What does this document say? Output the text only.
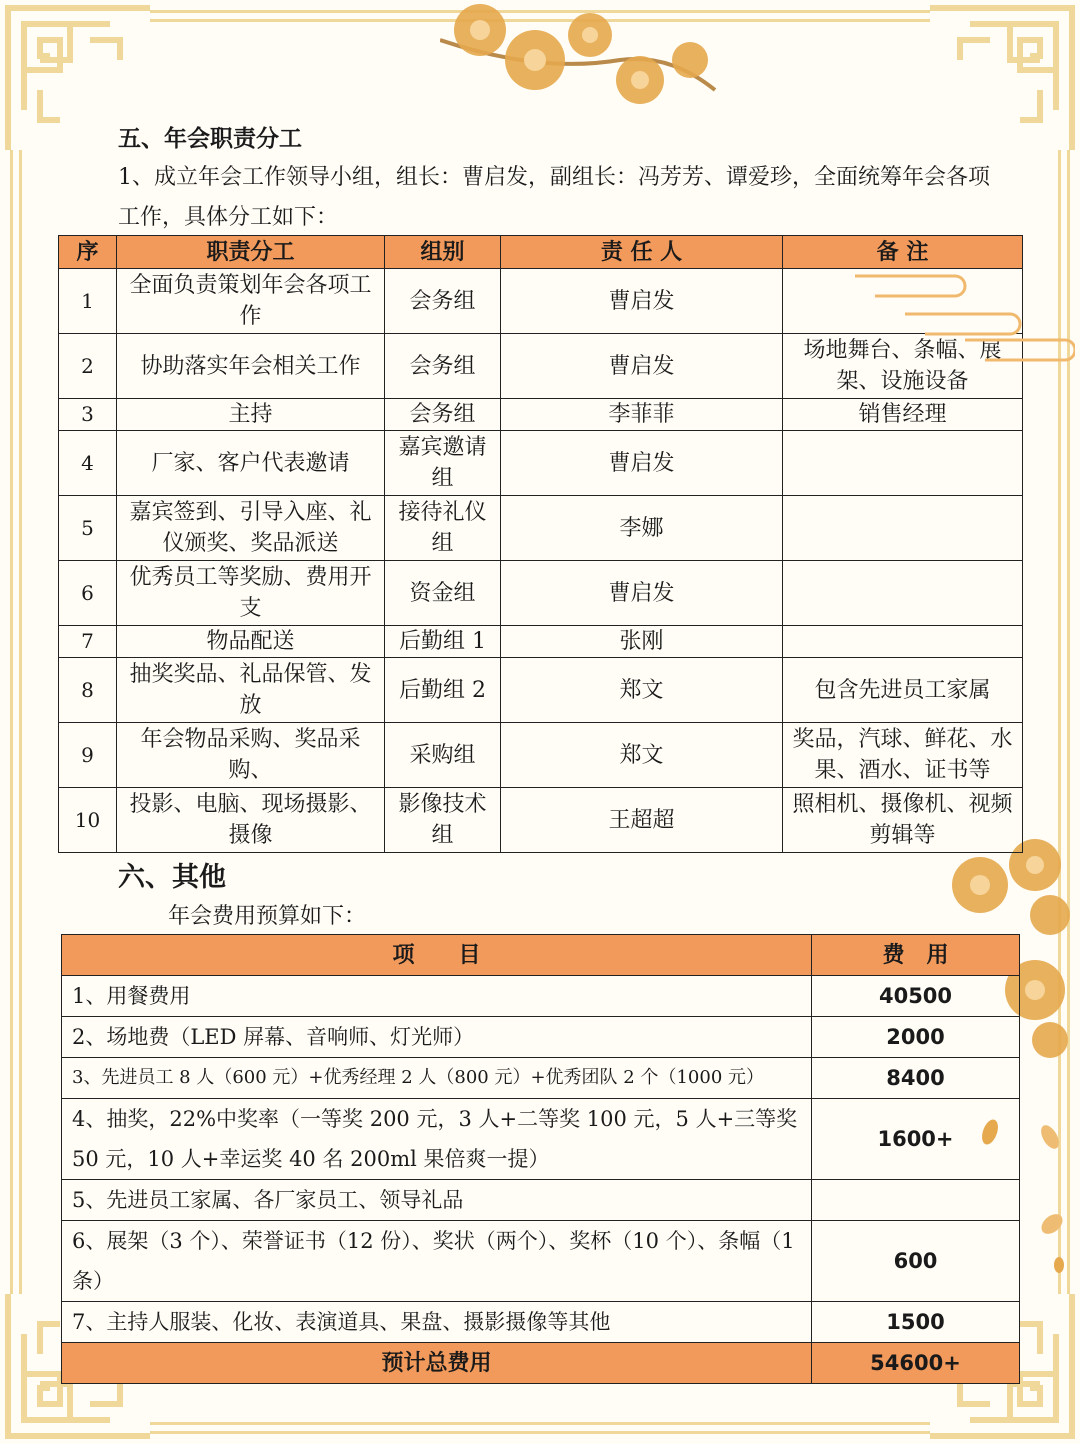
五、年会职责分工
1、成立年会工作领导小组，组长：曹启发，副组长：冯芳芳、谭爱珍，全面统筹年会各项工作，具体分工如下：
序	职责分工	组别	责 任 人	备 注
1	全面负责策划年会各项工作	会务组	曹启发	
2	协助落实年会相关工作	会务组	曹启发	场地舞台、条幅、展架、设施设备
3	主持	会务组	李菲菲	销售经理
4	厂家、客户代表邀请	嘉宾邀请组	曹启发	
5	嘉宾签到、引导入座、礼仪颁奖、奖品派送	接待礼仪组	李娜	
6	优秀员工等奖励、费用开支	资金组	曹启发	
7	物品配送	后勤组 1	张刚	
8	抽奖奖品、礼品保管、发放	后勤组 2	郑文	包含先进员工家属
9	年会物品采购、奖品采购、	采购组	郑文	奖品，汽球、鲜花、水果、酒水、证书等
10	投影、电脑、现场摄影、摄像	影像技术组	王超超	照相机、摄像机、视频剪辑等
六、其他
年会费用预算如下：
项　　目	费　用
1、用餐费用	40500
2、场地费（LED 屏幕、音响师、灯光师）	2000
3、先进员工 8 人（600 元）+优秀经理 2 人（800 元）+优秀团队 2 个（1000 元）	8400
4、抽奖，22%中奖率（一等奖 200 元，3 人+二等奖 100 元，5 人+三等奖 50 元，10 人+幸运奖 40 名 200ml 果倍爽一提）	1600+
5、先进员工家属、各厂家员工、领导礼品	
6、展架（3 个）、荣誉证书（12 份）、奖状（两个）、奖杯（10 个）、条幅（1 条）	600
7、主持人服装、化妆、表演道具、果盘、摄影摄像等其他	1500
预计总费用	54600+
